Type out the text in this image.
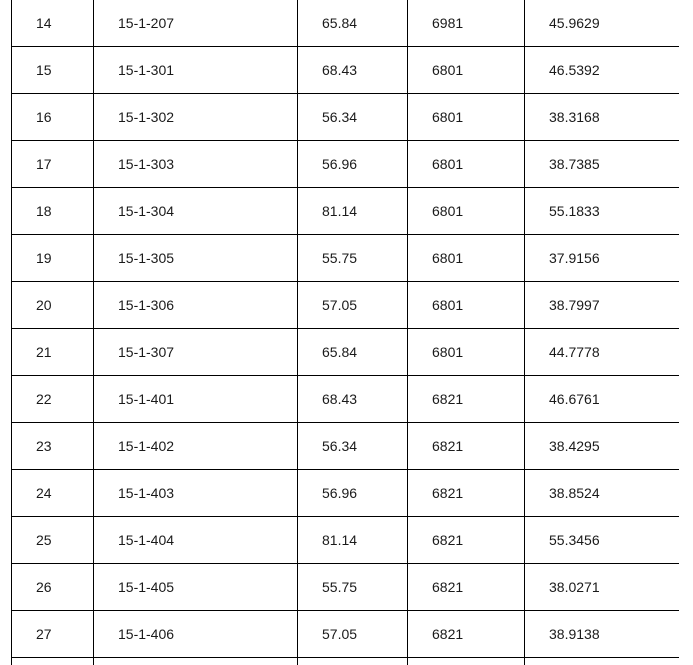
14	15-1-207	65.84	6981	45.9629
15	15-1-301	68.43	6801	46.5392
16	15-1-302	56.34	6801	38.3168
17	15-1-303	56.96	6801	38.7385
18	15-1-304	81.14	6801	55.1833
19	15-1-305	55.75	6801	37.9156
20	15-1-306	57.05	6801	38.7997
21	15-1-307	65.84	6801	44.7778
22	15-1-401	68.43	6821	46.6761
23	15-1-402	56.34	6821	38.4295
24	15-1-403	56.96	6821	38.8524
25	15-1-404	81.14	6821	55.3456
26	15-1-405	55.75	6821	38.0271
27	15-1-406	57.05	6821	38.9138
